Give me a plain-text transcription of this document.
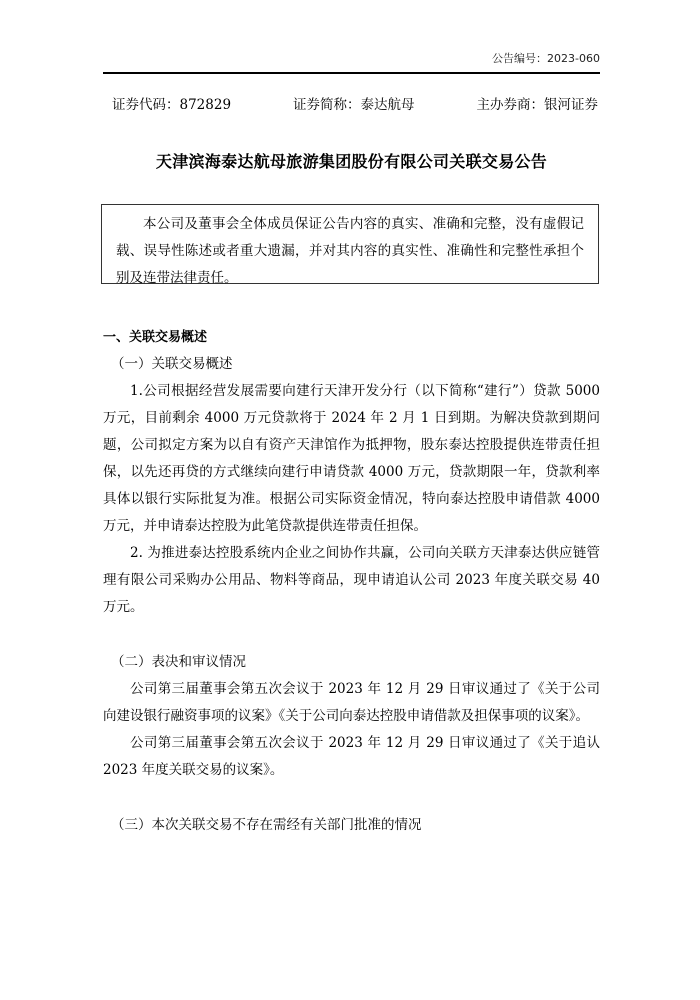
公告编号：2023-060
证券代码：872829	证券简称：泰达航母	主办券商：银河证券
天津滨海泰达航母旅游集团股份有限公司关联交易公告
本公司及董事会全体成员保证公告内容的真实、准确和完整，没有虚假记载、误导性陈述或者重大遗漏，并对其内容的真实性、准确性和完整性承担个别及连带法律责任。

一、关联交易概述

（一）关联交易概述

1.公司根据经营发展需要向建行天津开发分行（以下简称“建行”）贷款 5000 万元，目前剩余 4000 万元贷款将于 2024 年 2 月 1 日到期。为解决贷款到期问题，公司拟定方案为以自有资产天津馆作为抵押物，股东泰达控股提供连带责任担保，以先还再贷的方式继续向建行申请贷款 4000 万元，贷款期限一年，贷款利率具体以银行实际批复为准。根据公司实际资金情况，特向泰达控股申请借款 4000 万元，并申请泰达控股为此笔贷款提供连带责任担保。

2. 为推进泰达控股系统内企业之间协作共赢，公司向关联方天津泰达供应链管理有限公司采购办公用品、物料等商品，现申请追认公司 2023 年度关联交易 40 万元。

（二）表决和审议情况

公司第三届董事会第五次会议于 2023 年 12 月 29 日审议通过了《关于公司向建设银行融资事项的议案》《关于公司向泰达控股申请借款及担保事项的议案》。

公司第三届董事会第五次会议于 2023 年 12 月 29 日审议通过了《关于追认 2023 年度关联交易的议案》。

（三）本次关联交易不存在需经有关部门批准的情况
